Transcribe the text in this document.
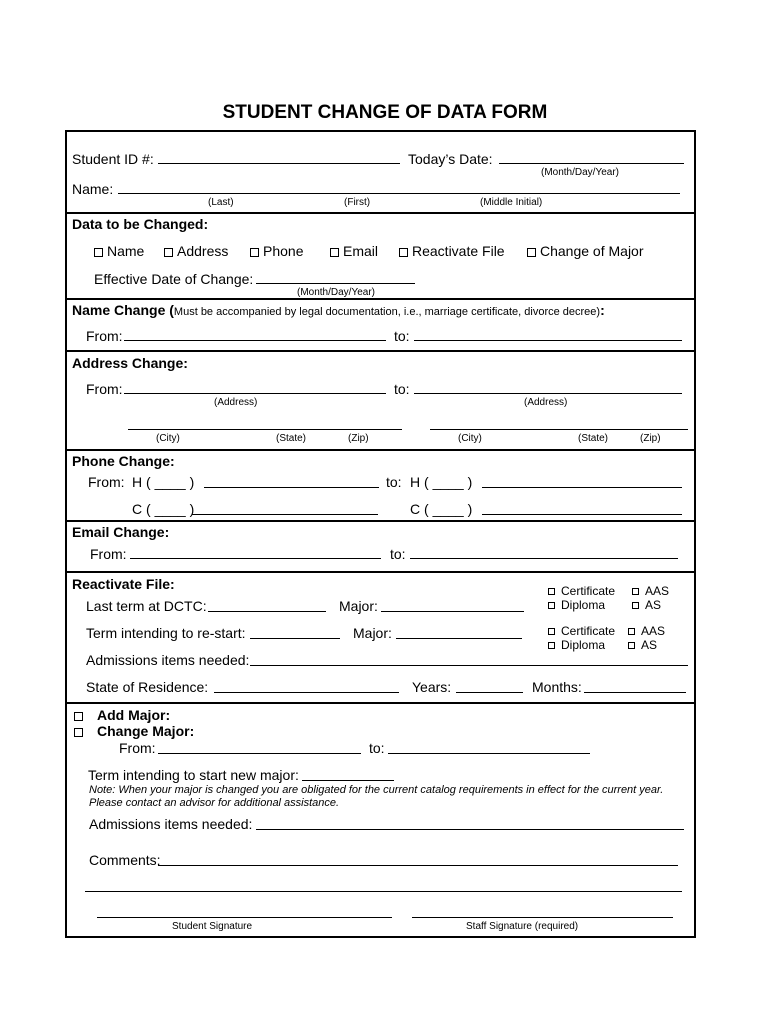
STUDENT CHANGE OF DATA FORM
Student ID #:	Today’s Date:
(Month/Day/Year)
Name:
(Last)	(First)	(Middle Initial)
Data to be Changed:
Name	Address	Phone	Email	Reactivate File	Change of Major
Effective Date of Change:
(Month/Day/Year)
Name Change (Must be accompanied by legal documentation, i.e., marriage certificate, divorce decree):
From:	to:
Address Change:
From:	to:
(Address)	(Address)
(City)	(State)	(Zip)	(City)	(State)	(Zip)
Phone Change:
From: H ( ____ )	to: H ( ____ )
C ( ____ )	C ( ____ )
Email Change:
From:	to:
Reactivate File:
Last term at DCTC:	Major:
Certificate	AAS
Diploma	AS
Term intending to re-start:	Major:	Certificate	AAS
Diploma	AS
Admissions items needed:
State of Residence:	Years:	Months:
Add Major:
Change Major:
From:	to:
Term intending to start new major:
Note: When your major is changed you are obligated for the current catalog requirements in effect for the current year.
Please contact an advisor for additional assistance.
Admissions items needed:
Comments:
Student Signature	Staff Signature (required)
